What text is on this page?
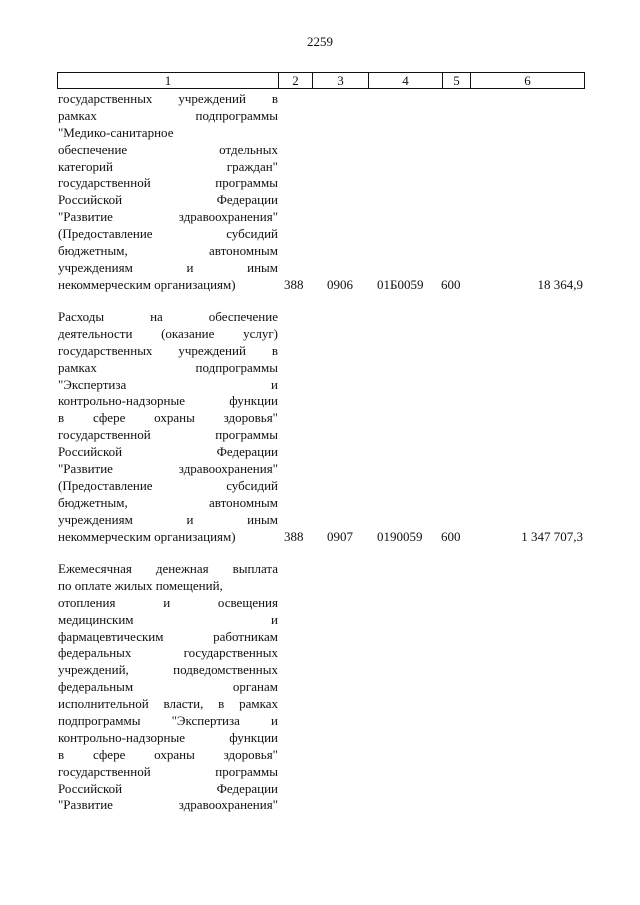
2259
1	2	3	4	5	6
государственных учреждений в
рамках подпрограммы
"Медико-санитарное
обеспечение отдельных
категорий граждан"
государственной программы
Российской Федерации
"Развитие здравоохранения"
(Предоставление субсидий
бюджетным, автономным
учреждениям и иным
некоммерческим организациям)	388 0906 01Б0059 600	18 364,9
Расходы на обеспечение
деятельности (оказание услуг)
государственных учреждений в
рамках подпрограммы
"Экспертиза и
контрольно-надзорные функции
в сфере охраны здоровья"
государственной программы
Российской Федерации
"Развитие здравоохранения"
(Предоставление субсидий
бюджетным, автономным
учреждениям и иным
некоммерческим организациям)	388 0907 0190059 600	1 347 707,3
Ежемесячная денежная выплата
по оплате жилых помещений,
отопления и освещения
медицинским и
фармацевтическим работникам
федеральных государственных
учреждений, подведомственных
федеральным органам
исполнительной власти, в рамках
подпрограммы "Экспертиза и
контрольно-надзорные функции
в сфере охраны здоровья"
государственной программы
Российской Федерации
"Развитие здравоохранения"
